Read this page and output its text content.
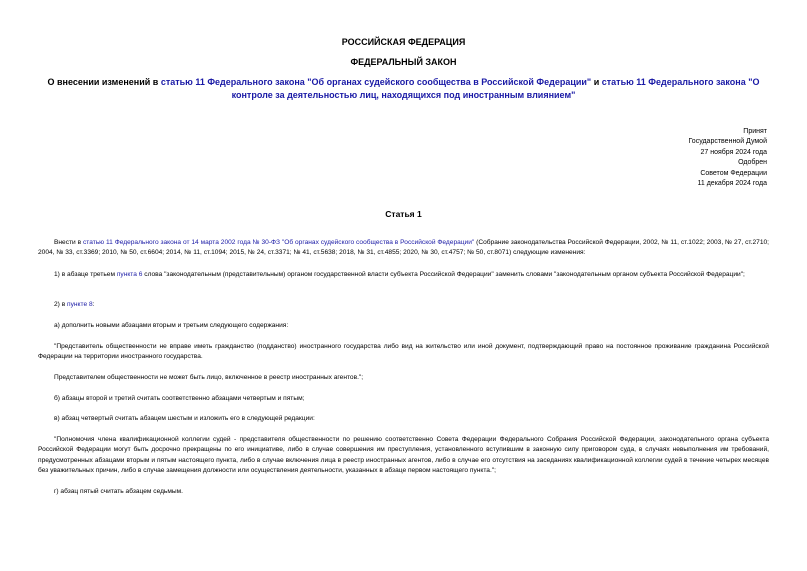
РОССИЙСКАЯ ФЕДЕРАЦИЯ
ФЕДЕРАЛЬНЫЙ ЗАКОН
О внесении изменений в статью 11 Федерального закона "Об органах судейского сообщества в Российской Федерации" и статью 11 Федерального закона "О контроле за деятельностью лиц, находящихся под иностранным влиянием"
Принят
Государственной Думой
27 ноября 2024 года
Одобрен
Советом Федерации
11 декабря 2024 года
Статья 1
Внести в статью 11 Федерального закона от 14 марта 2002 года № 30-ФЗ "Об органах судейского сообщества в Российской Федерации" (Собрание законодательства Российской Федерации, 2002, № 11, ст.1022; 2003, № 27, ст.2710; 2004, № 33, ст.3369; 2010, № 50, ст.6604; 2014, № 11, ст.1094; 2015, № 24, ст.3371; № 41, ст.5638; 2018, № 31, ст.4855; 2020, № 30, ст.4757; № 50, ст.8071) следующие изменения:
1) в абзаце третьем пункта 6 слова "законодательным (представительным) органом государственной власти субъекта Российской Федерации" заменить словами "законодательным органом субъекта Российской Федерации";
2) в пункте 8:
а) дополнить новыми абзацами вторым и третьим следующего содержания:
"Представитель общественности не вправе иметь гражданство (подданство) иностранного государства либо вид на жительство или иной документ, подтверждающий право на постоянное проживание гражданина Российской Федерации на территории иностранного государства.
Представителем общественности не может быть лицо, включенное в реестр иностранных агентов.";
б) абзацы второй и третий считать соответственно абзацами четвертым и пятым;
в) абзац четвертый считать абзацем шестым и изложить его в следующей редакции:
"Полномочия члена квалификационной коллегии судей - представителя общественности по решению соответственно Совета Федерации Федерального Собрания Российской Федерации, законодательного органа субъекта Российской Федерации могут быть досрочно прекращены по его инициативе, либо в случае совершения им преступления, установленного вступившим в законную силу приговором суда, в случаях невыполнения им требований, предусмотренных абзацами вторым и пятым настоящего пункта, либо в случае включения лица в реестр иностранных агентов, либо в случае его отсутствия на заседаниях квалификационной коллегии судей в течение четырех месяцев без уважительных причин, либо в случае замещения должности или осуществления деятельности, указанных в абзаце первом настоящего пункта.";
г) абзац пятый считать абзацем седьмым.
